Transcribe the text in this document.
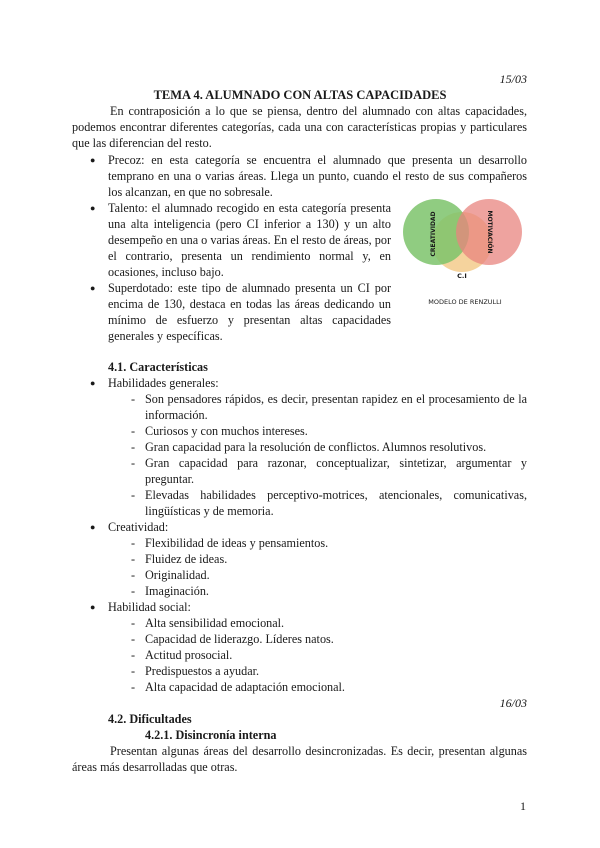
15/03
TEMA 4. ALUMNADO CON ALTAS CAPACIDADES
En contraposición a lo que se piensa, dentro del alumnado con altas capacidades, podemos encontrar diferentes categorías, cada una con características propias y particulares que las diferencian del resto.
● Precoz: en esta categoría se encuentra el alumnado que presenta un desarrollo temprano en una o varias áreas. Llega un punto, cuando el resto de sus compañeros los alcanzan, en que no sobresale.
● Talento: el alumnado recogido en esta categoría presenta una alta inteligencia (pero CI inferior a 130) y un alto desempeño en una o varias áreas. En el resto de áreas, por el contrario, presenta un rendimiento normal y, en ocasiones, incluso bajo.
● Superdotado: este tipo de alumnado presenta un CI por encima de 130, destaca en todas las áreas dedicando un mínimo de esfuerzo y presentan altas capacidades generales y específicas.
CREATIVIDAD	MOTIVACIÓN
C.I
MODELO DE RENZULLI
4.1. Características
● Habilidades generales:
- Son pensadores rápidos, es decir, presentan rapidez en el procesamiento de la información.
- Curiosos y con muchos intereses.
- Gran capacidad para la resolución de conflictos. Alumnos resolutivos.
- Gran capacidad para razonar, conceptualizar, sintetizar, argumentar y preguntar.
- Elevadas habilidades perceptivo-motrices, atencionales, comunicativas, lingüísticas y de memoria.
● Creatividad:
- Flexibilidad de ideas y pensamientos.
- Fluidez de ideas.
- Originalidad.
- Imaginación.
● Habilidad social:
- Alta sensibilidad emocional.
- Capacidad de liderazgo. Líderes natos.
- Actitud prosocial.
- Predispuestos a ayudar.
- Alta capacidad de adaptación emocional.
16/03
4.2. Dificultades
4.2.1. Disincronía interna
Presentan algunas áreas del desarrollo desincronizadas. Es decir, presentan algunas áreas más desarrolladas que otras.
1
